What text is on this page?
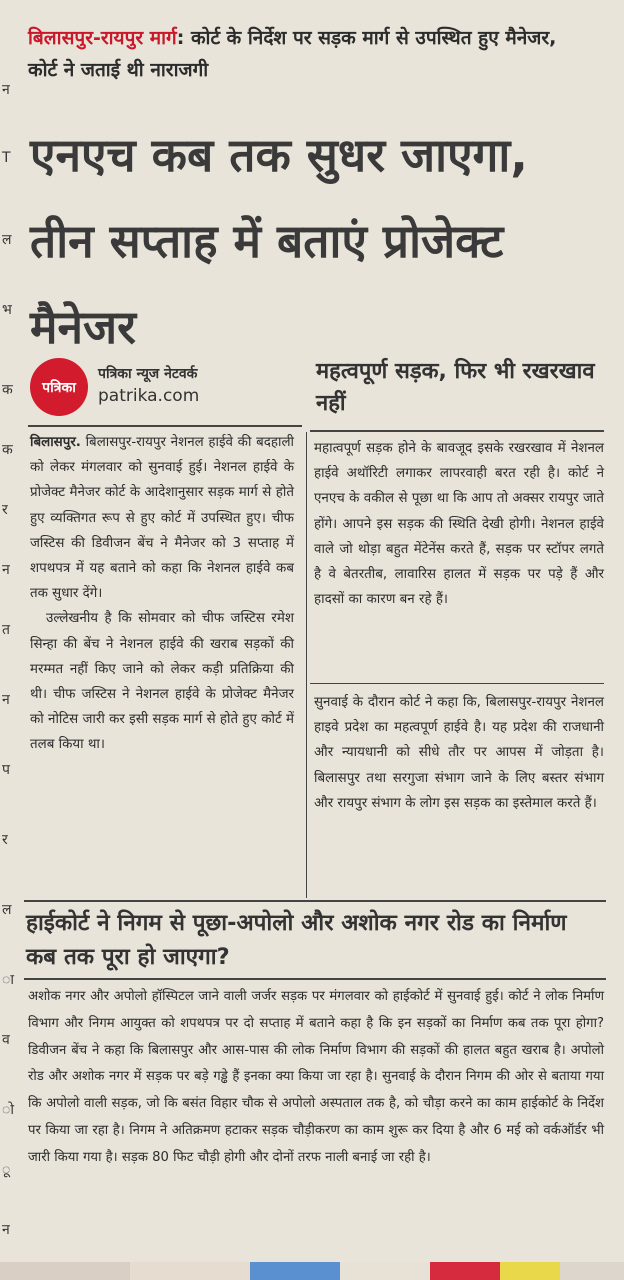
न
T
ल
भ
क
क
र
न
त
न
प
र
ल
ा
व
ो
ू
न
बिलासपुर-रायपुर मार्ग: कोर्ट के निर्देश पर सड़क मार्ग से उपस्थित हुए मैनेजर, कोर्ट ने जताई थी नाराजगी
एनएच कब तक सुधर जाएगा, तीन सप्ताह में बताएं प्रोजेक्ट मैनेजर
पत्रिका
पत्रिका न्यूज नेटवर्क
patrika.com
महत्वपूर्ण सड़क, फिर भी रखरखाव नहीं

बिलासपुर. बिलासपुर-रायपुर नेशनल हाईवे की बदहाली को लेकर मंगलवार को सुनवाई हुई। नेशनल हाईवे के प्रोजेक्ट मैनेजर कोर्ट के आदेशानुसार सड़क मार्ग से होते हुए व्यक्तिगत रूप से हुए कोर्ट में उपस्थित हुए। चीफ जस्टिस की डिवीजन बेंच ने मैनेजर को 3 सप्ताह में शपथपत्र में यह बताने को कहा कि नेशनल हाईवे कब तक सुधार देंगे।

उल्लेखनीय है कि सोमवार को चीफ जस्टिस रमेश सिन्हा की बेंच ने नेशनल हाईवे की खराब सड़कों की मरम्मत नहीं किए जाने को लेकर कड़ी प्रतिक्रिया की थी। चीफ जस्टिस ने नेशनल हाईवे के प्रोजेक्ट मैनेजर को नोटिस जारी कर इसी सड़क मार्ग से होते हुए कोर्ट में तलब किया था।

महात्वपूर्ण सड़क होने के बावजूद इसके रखरखाव में नेशनल हाईवे अथॉरिटी लगाकर लापरवाही बरत रही है। कोर्ट ने एनएच के वकील से पूछा था कि आप तो अक्सर रायपुर जाते होंगे। आपने इस सड़क की स्थिति देखी होगी। नेशनल हाईवे वाले जो थोड़ा बहुत मेंटेनेंस करते हैं, सड़क पर स्टॉपर लगते है वे बेतरतीब, लावारिस हालत में सड़क पर पड़े हैं और हादसों का कारण बन रहे हैं।

सुनवाई के दौरान कोर्ट ने कहा कि, बिलासपुर-रायपुर नेशनल हाइवे प्रदेश का महत्वपूर्ण हाईवे है। यह प्रदेश की राजधानी और न्यायधानी को सीधे तौर पर आपस में जोड़ता है। बिलासपुर तथा सरगुजा संभाग जाने के लिए बस्तर संभाग और रायपुर संभाग के लोग इस सड़क का इस्तेमाल करते हैं।

हाईकोर्ट ने निगम से पूछा-अपोलो और अशोक नगर रोड का निर्माण कब तक पूरा हो जाएगा?

अशोक नगर और अपोलो हॉस्पिटल जाने वाली जर्जर सड़क पर मंगलवार को हाईकोर्ट में सुनवाई हुई। कोर्ट ने लोक निर्माण विभाग और निगम आयुक्त को शपथपत्र पर दो सप्ताह में बताने कहा है कि इन सड़कों का निर्माण कब तक पूरा होगा? डिवीजन बेंच ने कहा कि बिलासपुर और आस-पास की लोक निर्माण विभाग की सड़कों की हालत बहुत खराब है। अपोलो रोड और अशोक नगर में सड़क पर बड़े गड्ढे हैं इनका क्या किया जा रहा है। सुनवाई के दौरान निगम की ओर से बताया गया कि अपोलो वाली सड़क, जो कि बसंत विहार चौक से अपोलो अस्पताल तक है, को चौड़ा करने का काम हाईकोर्ट के निर्देश पर किया जा रहा है। निगम ने अतिक्रमण हटाकर सड़क चौड़ीकरण का काम शुरू कर दिया है और 6 मई को वर्कऑर्डर भी जारी किया गया है। सड़क 80 फिट चौड़ी होगी और दोनों तरफ नाली बनाई जा रही है।
